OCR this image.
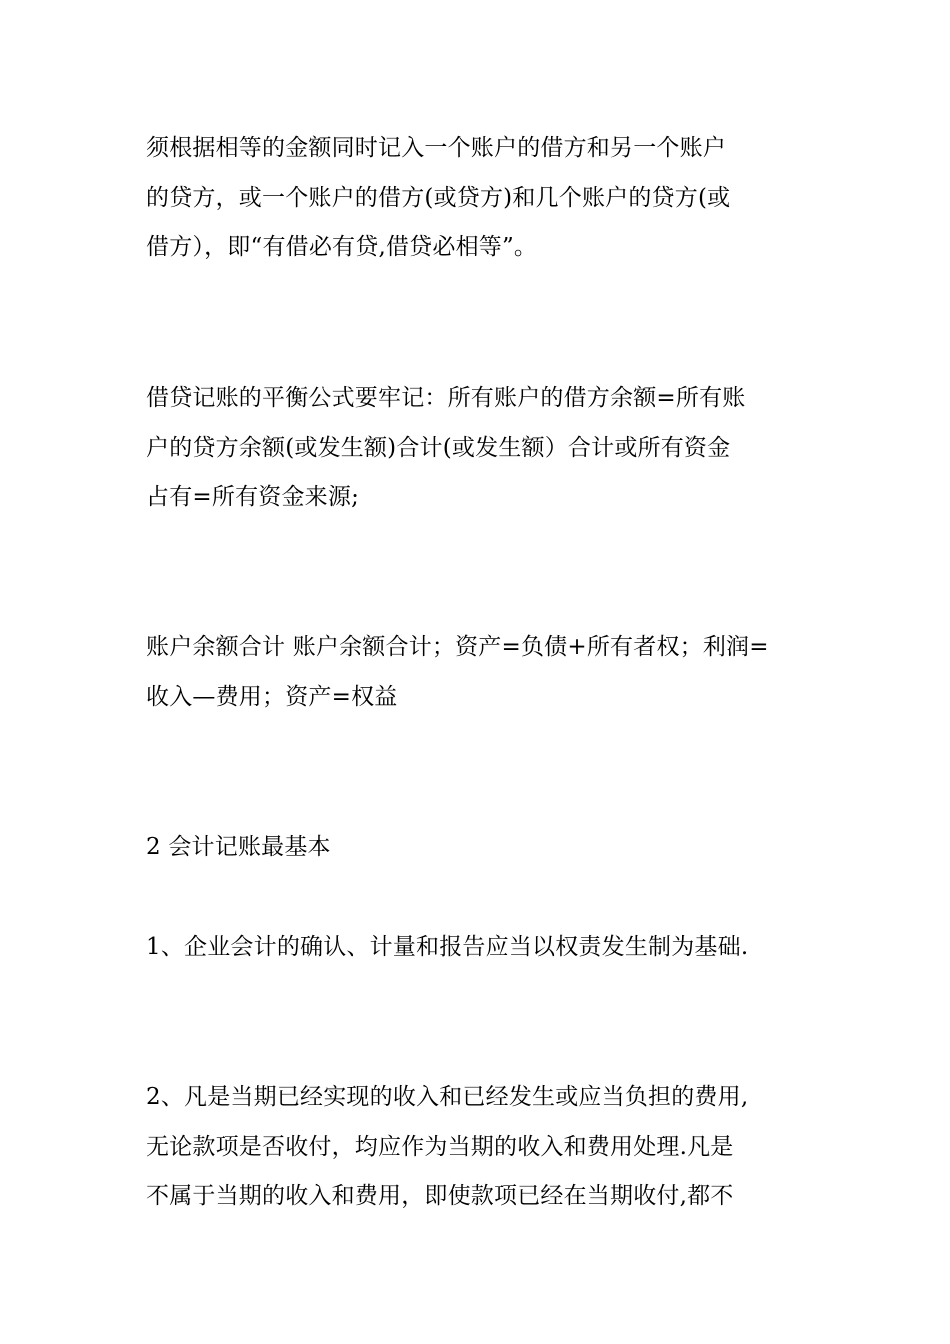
须根据相等的金额同时记入一个账户的借方和另一个账户
的贷方，或一个账户的借方(或贷方)和几个账户的贷方(或
借方），即“有借必有贷,借贷必相等”。
借贷记账的平衡公式要牢记：所有账户的借方余额=所有账
户的贷方余额(或发生额)合计(或发生额）合计或所有资金
占有=所有资金来源;
账户余额合计 账户余额合计；资产=负债+所有者权；利润=
收入—费用；资产=权益
2 会计记账最基本
1、企业会计的确认、计量和报告应当以权责发生制为基础.
2、凡是当期已经实现的收入和已经发生或应当负担的费用,
无论款项是否收付，均应作为当期的收入和费用处理.凡是
不属于当期的收入和费用，即使款项已经在当期收付,都不
